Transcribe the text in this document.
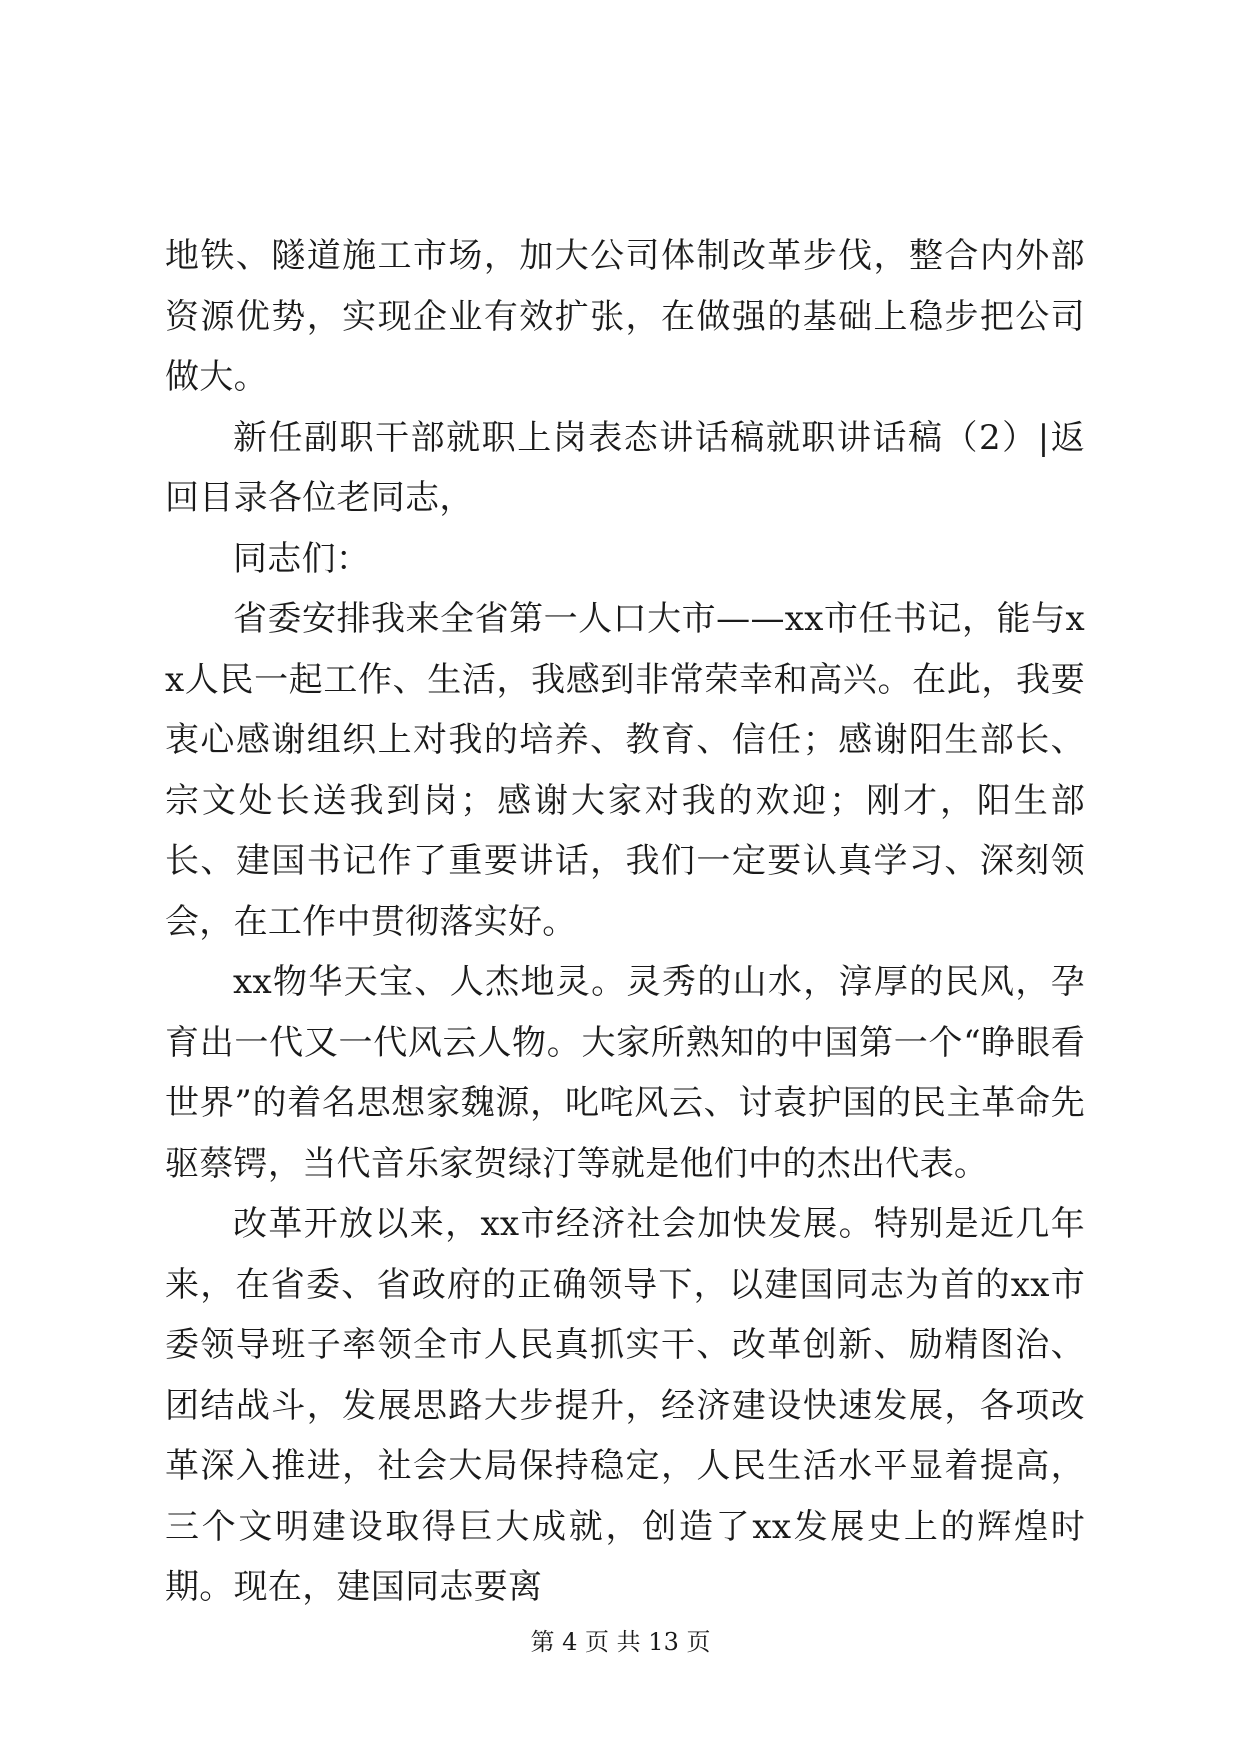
地铁、隧道施工市场，加大公司体制改革步伐，整合内外部资源优势，实现企业有效扩张，在做强的基础上稳步把公司做大。

新任副职干部就职上岗表态讲话稿就职讲话稿（2）|返回目录各位老同志，

同志们：

省委安排我来全省第一人口大市——xx市任书记，能与xx人民一起工作、生活，我感到非常荣幸和高兴。在此，我要衷心感谢组织上对我的培养、教育、信任；感谢阳生部长、宗文处长送我到岗；感谢大家对我的欢迎；刚才，阳生部长、建国书记作了重要讲话，我们一定要认真学习、深刻领会，在工作中贯彻落实好。

xx物华天宝、人杰地灵。灵秀的山水，淳厚的民风，孕育出一代又一代风云人物。大家所熟知的中国第一个“睁眼看世界”的着名思想家魏源，叱咤风云、讨袁护国的民主革命先驱蔡锷，当代音乐家贺绿汀等就是他们中的杰出代表。

改革开放以来，xx市经济社会加快发展。特别是近几年来，在省委、省政府的正确领导下，以建国同志为首的xx市委领导班子率领全市人民真抓实干、改革创新、励精图治、团结战斗，发展思路大步提升，经济建设快速发展，各项改革深入推进，社会大局保持稳定，人民生活水平显着提高，三个文明建设取得巨大成就，创造了xx发展史上的辉煌时期。现在，建国同志要离

第 4 页 共 13 页
